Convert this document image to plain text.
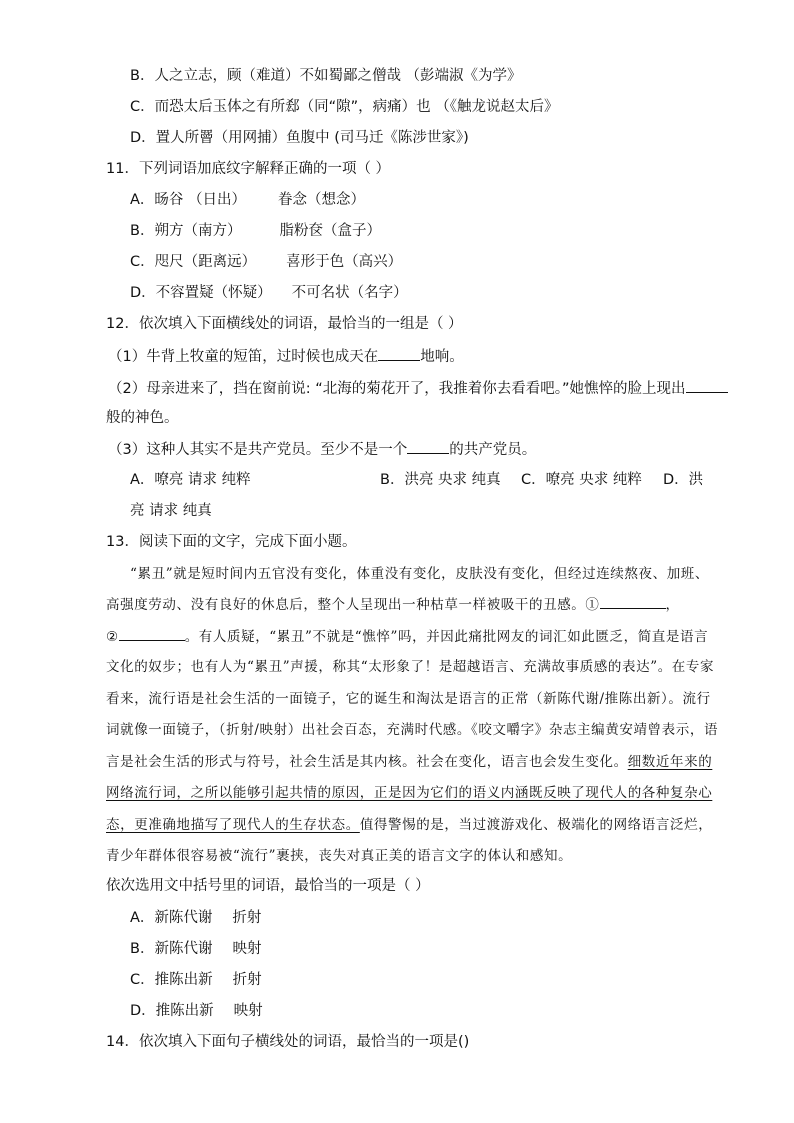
B．人之立志，顾（难道）不如蜀鄙之僧哉 （彭端淑《为学》
C．而恐太后玉体之有所郄（同“隙”，病痛）也 （《触龙说赵太后》
D．置人所罾（用网捕）鱼腹中 (司马迁《陈涉世家》)
11．下列词语加底纹字解释正确的一项（ ）
A．旸谷 （日出） 眷念（想念）
B．朔方（南方）	脂粉奁（盒子）
C．咫尺（距离远） 喜形于色（高兴）
D．不容置疑（怀疑） 不可名状（名字）
12．依次填入下面横线处的词语，最恰当的一组是（ ）
（1）牛背上牧童的短笛，过时候也成天在	地响。
（2）母亲进来了，挡在窗前说: “北海的菊花开了，我推着你去看看吧。”她憔悴的脸上现出
般的神色。
（3）这种人其实不是共产党员。至少不是一个	的共产党员。
A．嘹亮 请求 纯粹	B．洪亮 央求 纯真 C．嘹亮 央求 纯粹 D．洪
亮 请求 纯真
13．阅读下面的文字，完成下面小题。
“累丑”就是短时间内五官没有变化，体重没有变化，皮肤没有变化，但经过连续熬夜、加班、
高强度劳动、没有良好的休息后，整个人呈现出一种枯草一样被吸干的丑感。①	，
②	。有人质疑，“累丑”不就是“憔悴”吗，并因此痛批网友的词汇如此匮乏，简直是语言
文化的奴步；也有人为“累丑”声援，称其“太形象了！是超越语言、充满故事质感的表达”。在专家
看来，流行语是社会生活的一面镜子，它的诞生和淘汰是语言的正常（新陈代谢/推陈出新）。流行
词就像一面镜子，（折射/映射）出社会百态，充满时代感。《咬文嚼字》杂志主编黄安靖曾表示，语
言是社会生活的形式与符号，社会生活是其内核。社会在变化，语言也会发生变化。细数近年来的
网络流行词，之所以能够引起共情的原因，正是因为它们的语义内涵既反映了现代人的各种复杂心
态，更准确地描写了现代人的生存状态。值得警惕的是，当过渡游戏化、极端化的网络语言泛烂，
青少年群体很容易被“流行”裹挟，丧失对真正美的语言文字的体认和感知。
依次选用文中括号里的词语，最恰当的一项是（ ）
A．新陈代谢 折射
B．新陈代谢 映射
C．推陈出新 折射
D．推陈出新 映射
14．依次填入下面句子横线处的词语，最恰当的一项是()
